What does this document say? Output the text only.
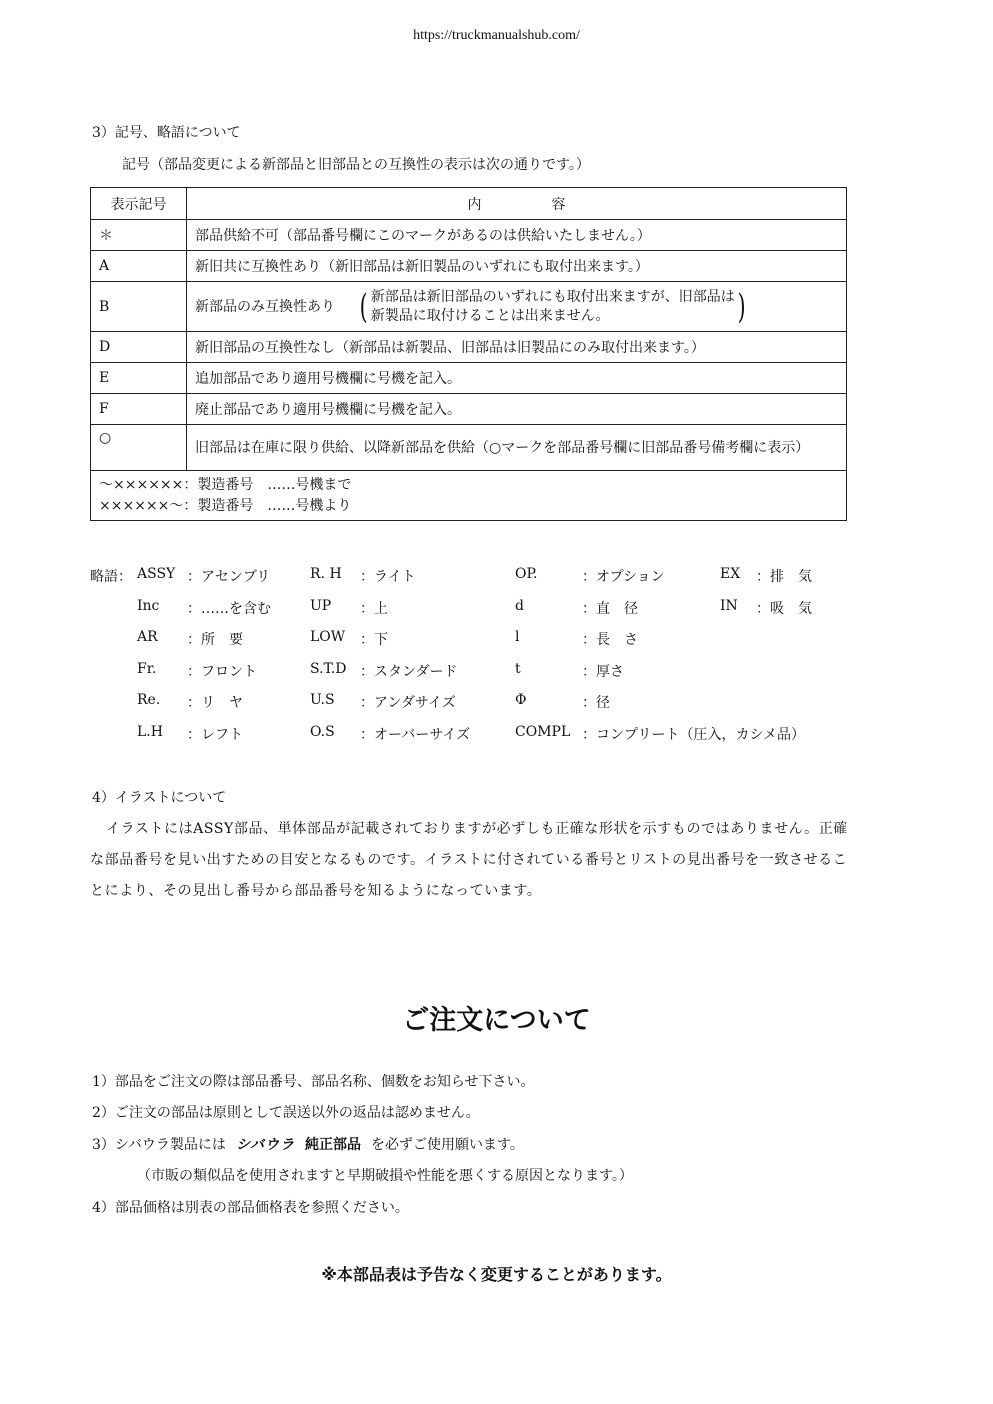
https://truckmanualshub.com/
3）記号、略語について
記号（部品変更による新部品と旧部品との互換性の表示は次の通りです。）
表示記号	内　　　　　容
＊	部品供給不可（部品番号欄にこのマークがあるのは供給いたしません。）
A	新旧共に互換性あり（新旧部品は新旧製品のいずれにも取付出来ます。）
B	新部品のみ互換性あり ( 新部品は新旧部品のいずれにも取付出来ますが、旧部品は
新製品に取付けることは出来ません。 )

D	新旧部品の互換性なし（新部品は新製品、旧部品は旧製品にのみ取付出来ます。）
E	追加部品であり適用号機欄に号機を記入。
F	廃止部品であり適用号機欄に号機を記入。
○	旧部品は在庫に限り供給、以降新部品を供給（○マークを部品番号欄に旧部品番号備考欄に表示）
〜××××××：製造番号　……号機まで
××××××〜：製造番号　……号機より	
略語： ASSY ：アセンブリ	R. H ：ライト	OP.	：オプション	EX ：排　気
Inc ：……を含む	UP ：上	d	：直　径	IN ：吸　気
AR ：所　要	LOW ：下	l	：長　さ
Fr. ：フロント	S.T.D ：スタンダード	t	：厚さ
Re. ：リ　ヤ	U.S ：アンダサイズ	Φ	：径
L.H ：レフト	O.S ：オーバーサイズ	COMPL ：コンプリート（圧入，カシメ品）
4）イラストについて
イラストにはASSY部品、単体部品が記載されておりますが必ずしも正確な形状を示すものではありません。正確な部品番号を見い出すための目安となるものです。イラストに付されている番号とリストの見出番号を一致させることにより、その見出し番号から部品番号を知るようになっています。
ご注文について
1）部品をご注文の際は部品番号、部品名称、個数をお知らせ下さい。
2）ご注文の部品は原則として誤送以外の返品は認めません。
3）シバウラ製品には シバウラ 純正部品 を必ずご使用願います。
（市販の類似品を使用されますと早期破損や性能を悪くする原因となります。）
4）部品価格は別表の部品価格表を参照ください。
※本部品表は予告なく変更することがあります。
